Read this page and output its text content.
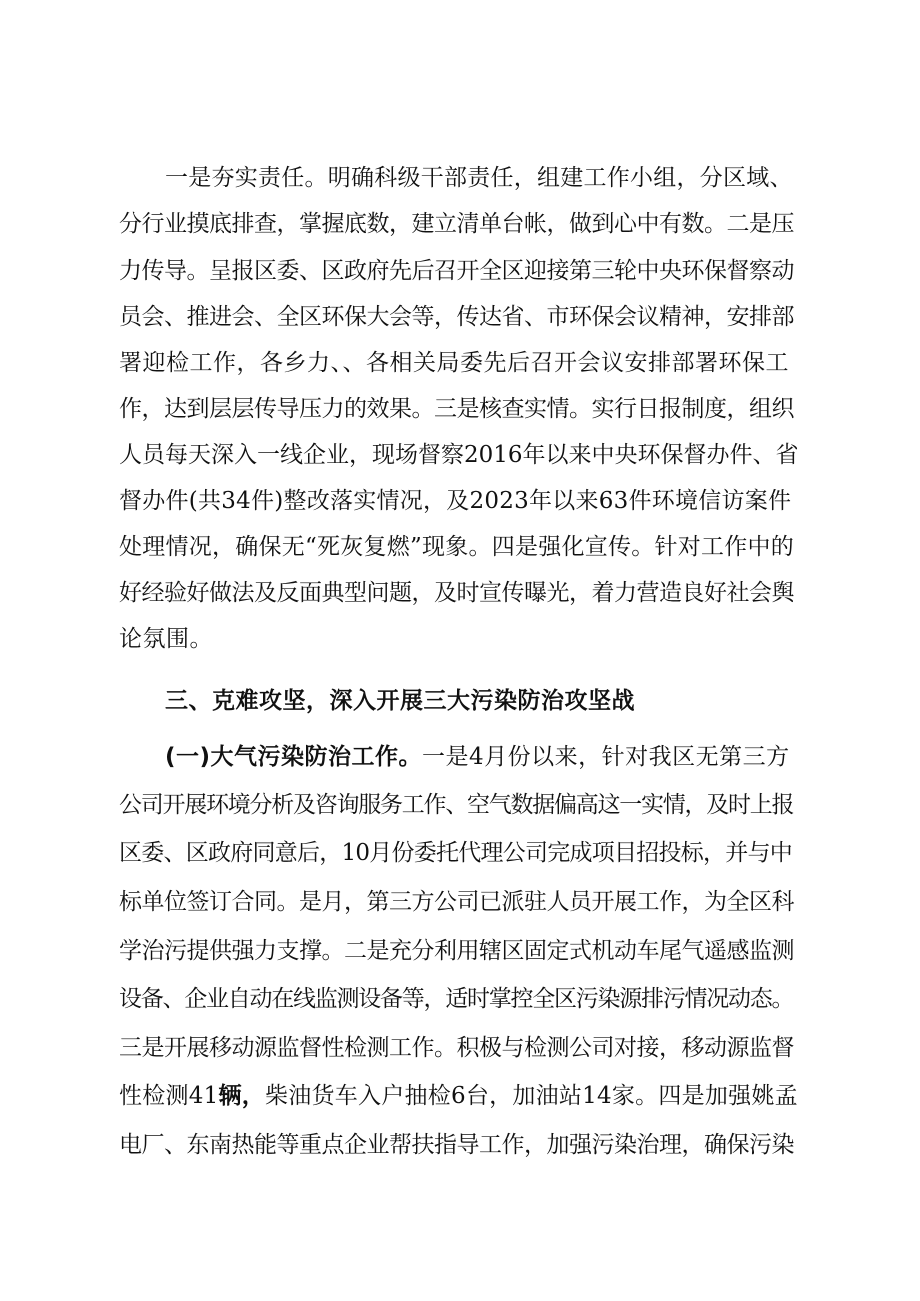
一是夯实责任。明确科级干部责任，组建工作小组，分区域、
分行业摸底排查，掌握底数，建立清单台帐，做到心中有数。二是压
力传导。呈报区委、区政府先后召开全区迎接第三轮中央环保督察动
员会、推进会、全区环保大会等，传达省、市环保会议精神，安排部
署迎检工作，各乡力、、各相关局委先后召开会议安排部署环保工
作，达到层层传导压力的效果。三是核查实情。实行日报制度，组织
人员每天深入一线企业，现场督察2016年以来中央环保督办件、省
督办件(共34件)整改落实情况，及2023年以来63件环境信访案件
处理情况，确保无“死灰复燃”现象。四是强化宣传。针对工作中的
好经验好做法及反面典型问题，及时宣传曝光，着力营造良好社会舆
论氛围。
三、克难攻坚，深入开展三大污染防治攻坚战
(一)大气污染防治工作。一是4月份以来，针对我区无第三方
公司开展环境分析及咨询服务工作、空气数据偏高这一实情，及时上报
区委、区政府同意后，10月份委托代理公司完成项目招投标，并与中
标单位签订合同。是月，第三方公司已派驻人员开展工作，为全区科
学治污提供强力支撑。二是充分利用辖区固定式机动车尾气遥感监测
设备、企业自动在线监测设备等，适时掌控全区污染源排污情况动态。
三是开展移动源监督性检测工作。积极与检测公司对接，移动源监督
性检测41辆，柴油货车入户抽检6台，加油站14家。四是加强姚孟
电厂、东南热能等重点企业帮扶指导工作，加强污染治理，确保污染
